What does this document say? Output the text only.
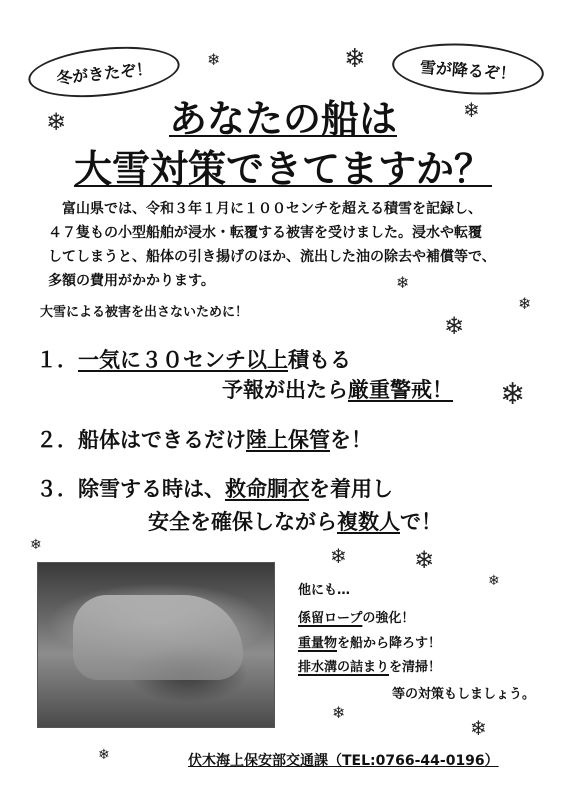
冬がきたぞ！	雪が降るぞ！
あなたの船は
大雪対策できてますか？
富山県では、令和３年１月に１００センチを超える積雪を記録し、
４７隻もの小型船舶が浸水・転覆する被害を受けました。浸水や転覆
してしまうと、船体の引き揚げのほか、流出した油の除去や補償等で、
多額の費用がかかります。
大雪による被害を出さないために！
１．一気に３０センチ以上積もる
予報が出たら厳重警戒！
２．船体はできるだけ陸上保管を！
３．除雪する時は、救命胴衣を着用し
安全を確保しながら複数人で！
他にも…
係留ロープの強化！
重量物を船から降ろす！
排水溝の詰まりを清掃！
等の対策もしましょう。
伏木海上保安部交通課（TEL:0766-44-0196）
❄	❄
❄	❄
❄
❄
❄
❄
❄	❄	❄
❄
❄
❄
❄
